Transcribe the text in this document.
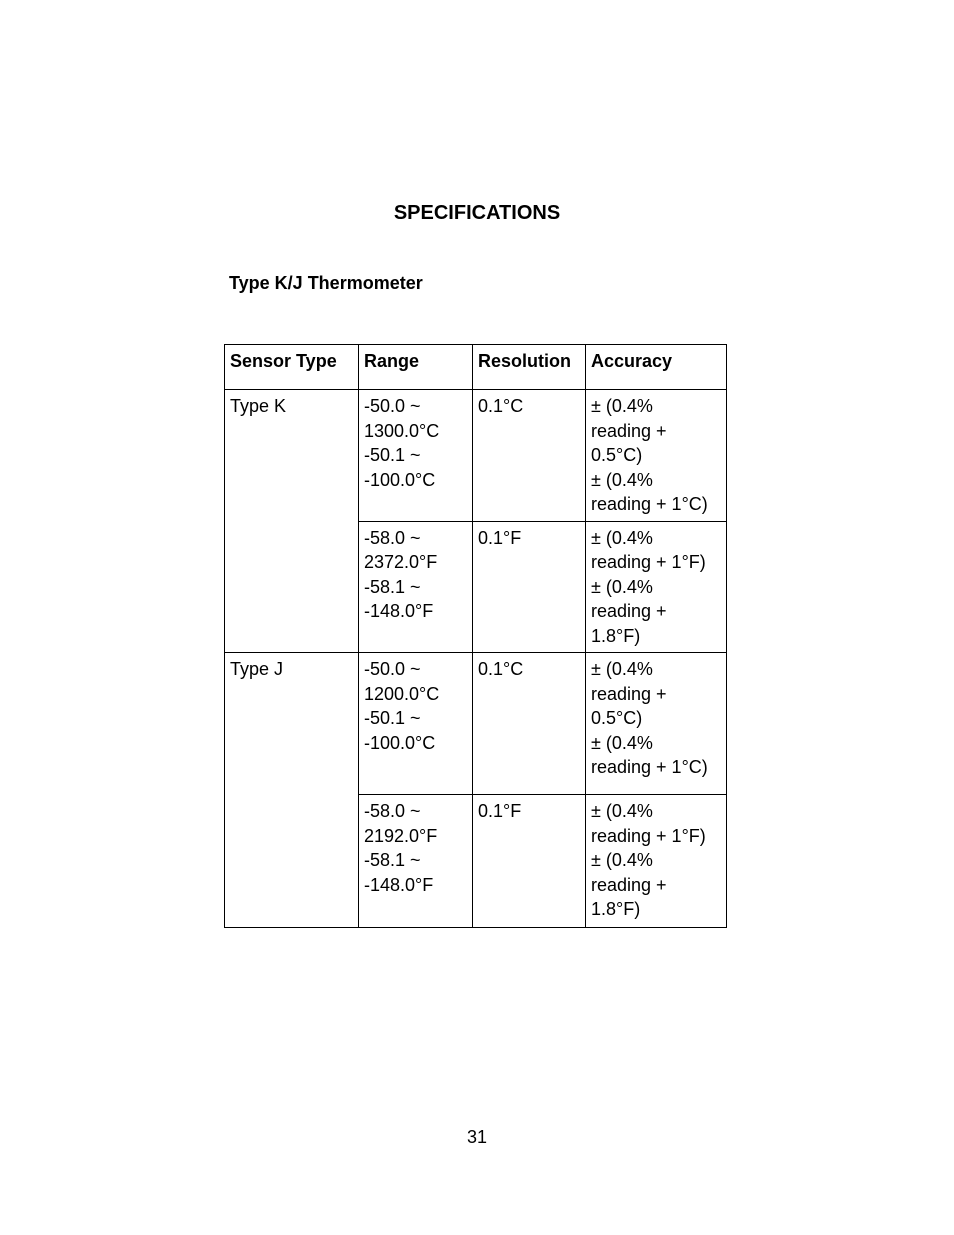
SPECIFICATIONS
Type K/J Thermometer
Sensor Type	Range	Resolution	Accuracy
Type K	-50.0 ~
1300.0°C
-50.1 ~
-100.0°C	0.1°C	± (0.4%
reading +
0.5°C)
± (0.4%
reading + 1°C)

	-58.0 ~
2372.0°F
-58.1 ~
-148.0°F	0.1°F	± (0.4%
reading + 1°F)
± (0.4%
reading +
1.8°F)

Type J	-50.0 ~
1200.0°C
-50.1 ~
-100.0°C	0.1°C	± (0.4%
reading +
0.5°C)
± (0.4%
reading + 1°C)

	-58.0 ~
2192.0°F
-58.1 ~
-148.0°F	0.1°F	± (0.4%
reading + 1°F)
± (0.4%
reading +
1.8°F)
31
